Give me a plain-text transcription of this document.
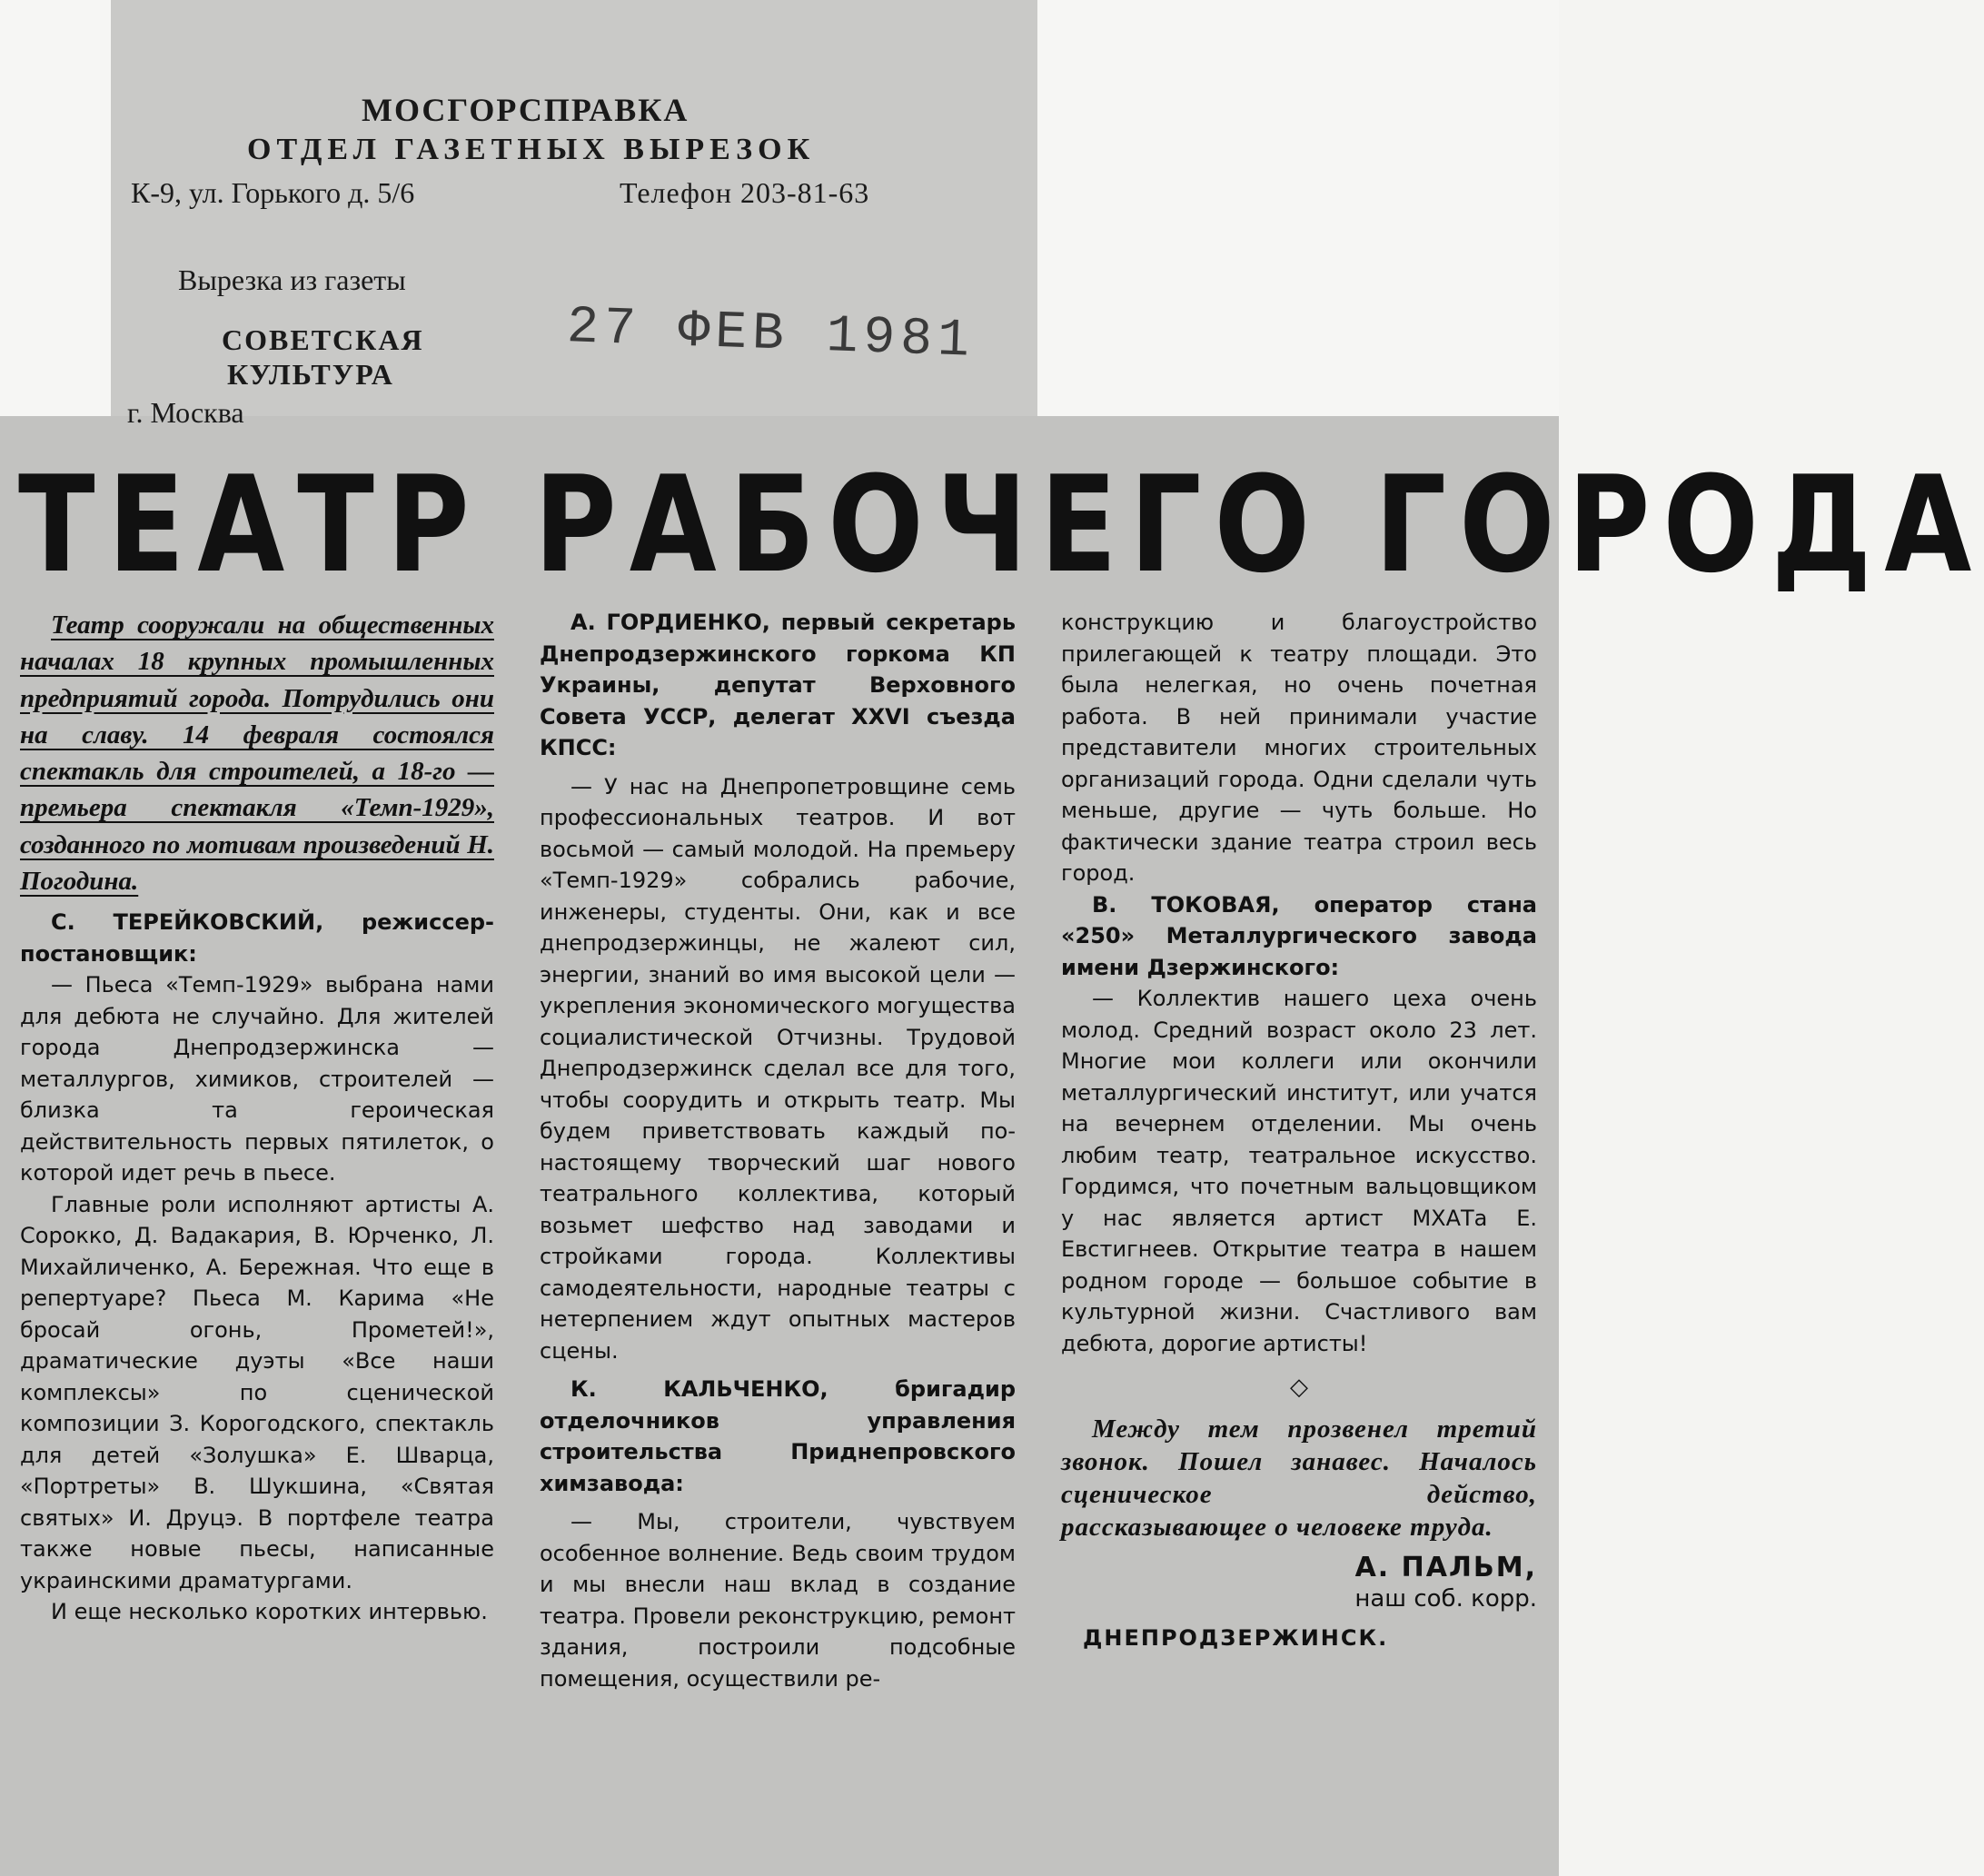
МОСГОРСПРАВКА
ОТДЕЛ ГАЗЕТНЫХ ВЫРЕЗОК
К-9, ул. Горького д. 5/6	Телефон 203-81-63
Вырезка из газеты
СОВЕТСКАЯ
КУЛЬТУРА
г. Москва
27 ФЕВ 1981
ТЕАТР РАБОЧЕГО ГОРОДА

Театр сооружали на общественных началах 18 крупных промышленных предприятий города. Потрудились они на славу. 14 февраля состоялся спектакль для строителей, а 18-го — премьера спектакля «Темп-1929», созданного по мотивам произведений Н. Погодина.

С. ТЕРЕЙКОВСКИЙ, режиссер-постановщик:

— Пьеса «Темп-1929» выбрана нами для дебюта не случайно. Для жителей города Днепродзержинска — металлургов, химиков, строителей — близка та героическая действительность первых пятилеток, о которой идет речь в пьесе.

Главные роли исполняют артисты А. Сорокко, Д. Вадакария, В. Юрченко, Л. Михайличенко, А. Бережная. Что еще в репертуаре? Пьеса М. Карима «Не бросай огонь, Прометей!», драматические дуэты «Все наши комплексы» по сценической композиции З. Корогодского, спектакль для детей «Золушка» Е. Шварца, «Портреты» В. Шукшина, «Святая святых» И. Друцэ. В портфеле театра также новые пьесы, написанные украинскими драматургами.

И еще несколько коротких интервью.

А. ГОРДИЕНКО, первый секретарь Днепродзержинского горкома КП Украины, депутат Верховного Совета УССР, делегат XXVI съезда КПСС:

— У нас на Днепропетровщине семь профессиональных театров. И вот восьмой — самый молодой. На премьеру «Темп-1929» собрались рабочие, инженеры, студенты. Они, как и все днепродзержинцы, не жалеют сил, энергии, знаний во имя высокой цели — укрепления экономического могущества социалистической Отчизны. Трудовой Днепродзержинск сделал все для того, чтобы соорудить и открыть театр. Мы будем приветствовать каждый по-настоящему творческий шаг нового театрального коллектива, который возьмет шефство над заводами и стройками города. Коллективы самодеятельности, народные театры с нетерпением ждут опытных мастеров сцены.

К. КАЛЬЧЕНКО, бригадир отделочников управления строительства Приднепровского химзавода:

— Мы, строители, чувствуем особенное волнение. Ведь своим трудом и мы внесли наш вклад в создание театра. Провели реконструкцию, ремонт здания, построили подсобные помещения, осуществили ре-

конструкцию и благоустройство прилегающей к театру площади. Это была нелегкая, но очень почетная работа. В ней принимали участие представители многих строительных организаций города. Одни сделали чуть меньше, другие — чуть больше. Но фактически здание театра строил весь город.

В. ТОКОВАЯ, оператор стана «250» Металлургического завода имени Дзержинского:

— Коллектив нашего цеха очень молод. Средний возраст около 23 лет. Многие мои коллеги или окончили металлургический институт, или учатся на вечернем отделении. Мы очень любим театр, театральное искусство. Гордимся, что почетным вальцовщиком у нас является артист МХАТа Е. Евстигнеев. Открытие театра в нашем родном городе — большое событие в культурной жизни. Счастливого вам дебюта, дорогие артисты!

◇

Между тем прозвенел третий звонок. Пошел занавес. Началось сценическое действо, рассказывающее о человеке труда.

А. ПАЛЬМ,

наш соб. корр.

ДНЕПРОДЗЕРЖИНСК.
